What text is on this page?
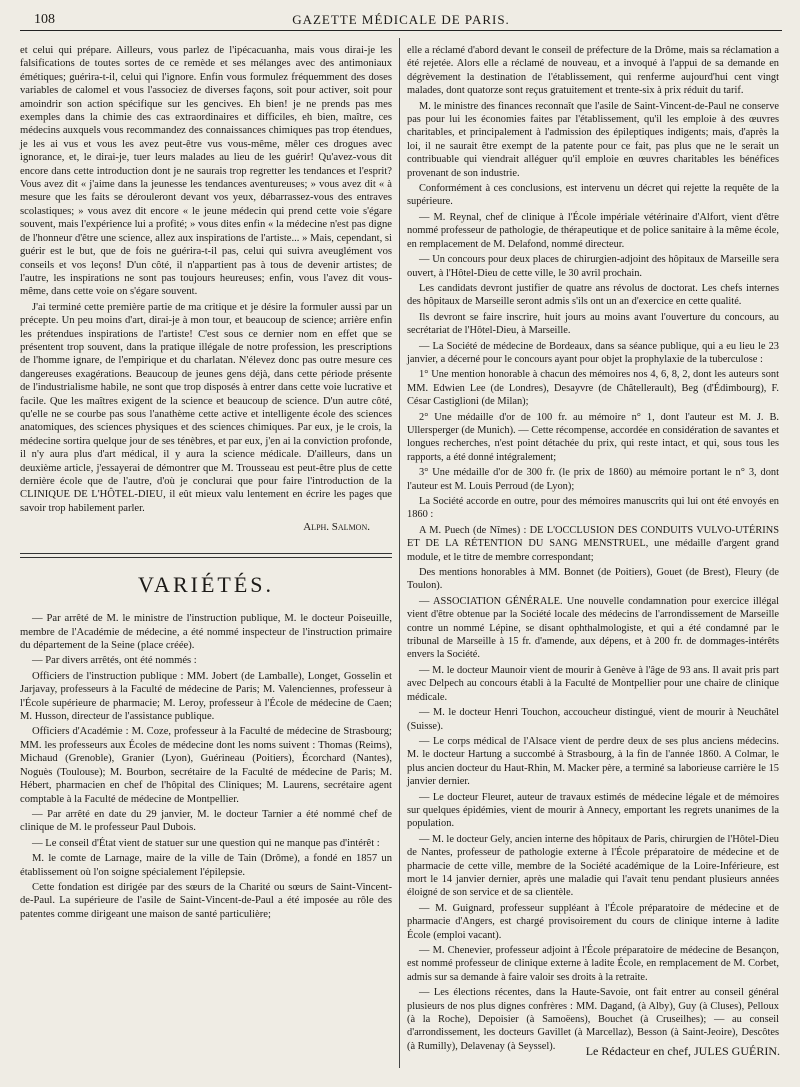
108	GAZETTE MÉDICALE DE PARIS.

et celui qui prépare. Ailleurs, vous parlez de l'ipécacuanha, mais vous dirai-je les falsifications de toutes sortes de ce remède et ses mélanges avec des antimoniaux émétiques; guérira-t-il, celui qui l'ignore. Enfin vous formulez fréquemment des doses variables de calomel et vous l'associez de diverses façons, soit pour activer, soit pour amoindrir son action spécifique sur les gencives. Eh bien! je ne prends pas mes exemples dans la chimie des cas extraordinaires et difficiles, eh bien, maître, ces médecins auxquels vous recommandez des connaissances chimiques pas trop étendues, je les ai vus et vous les avez peut-être vus vous-même, mêler ces drogues avec ignorance, et, le dirai-je, tuer leurs malades au lieu de les guérir! Qu'avez-vous dit encore dans cette introduction dont je ne saurais trop regretter les tendances et l'esprit? Vous avez dit « j'aime dans la jeunesse les tendances aventureuses; » vous avez dit « à mesure que les faits se dérouleront devant vos yeux, débarrassez-vous des entraves scolastiques; » vous avez dit encore « le jeune médecin qui prend cette voie s'égare souvent, mais l'expérience lui a profité; » vous dites enfin « la médecine n'est pas digne de l'honneur d'être une science, allez aux inspirations de l'artiste... » Mais, cependant, si guérir est le but, que de fois ne guérira-t-il pas, celui qui suivra aveuglément vos conseils et vos leçons! D'un côté, il n'appartient pas à tous de devenir artistes; de l'autre, les inspirations ne sont pas toujours heureuses; enfin, vous l'avez dit vous-même, dans cette voie on s'égare souvent.

J'ai terminé cette première partie de ma critique et je désire la formuler aussi par un précepte. Un peu moins d'art, dirai-je à mon tour, et beaucoup de science; arrière enfin les prétendues inspirations de l'artiste! C'est sous ce dernier nom en effet que se présentent trop souvent, dans la pratique illégale de notre profession, les prescriptions de l'homme ignare, de l'empirique et du charlatan. N'élevez donc pas outre mesure ces dangereuses exagérations. Beaucoup de jeunes gens déjà, dans cette période présente de l'industrialisme habile, ne sont que trop disposés à entrer dans cette voie lucrative et facile. Que les maîtres exigent de la science et beaucoup de science. D'un autre côté, qu'elle ne se courbe pas sous l'anathème cette active et intelligente école des sciences anatomiques, des sciences physiques et des sciences chimiques. Par eux, je le crois, la médecine sortira quelque jour de ses ténèbres, et par eux, j'en ai la conviction profonde, il n'y aura plus d'art médical, il y aura la science médicale. D'ailleurs, dans un deuxième article, j'essayerai de démontrer que M. Trousseau est peut-être plus de cette dernière école que de l'autre, d'où je conclurai que pour faire l'introduction de la CLINIQUE DE L'HÔTEL-DIEU, il eût mieux valu lentement en écrire les pages que savoir trop habilement parler.

Alph. Salmon.
VARIÉTÉS.

— Par arrêté de M. le ministre de l'instruction publique, M. le docteur Poiseuille, membre de l'Académie de médecine, a été nommé inspecteur de l'instruction primaire du département de la Seine (place créée).

— Par divers arrêtés, ont été nommés :

Officiers de l'instruction publique : MM. Jobert (de Lamballe), Longet, Gosselin et Jarjavay, professeurs à la Faculté de médecine de Paris; M. Valenciennes, professeur à l'École supérieure de pharmacie; M. Leroy, professeur à l'École de médecine de Caen; M. Husson, directeur de l'assistance publique.

Officiers d'Académie : M. Coze, professeur à la Faculté de médecine de Strasbourg; MM. les professeurs aux Écoles de médecine dont les noms suivent : Thomas (Reims), Michaud (Grenoble), Granier (Lyon), Guérineau (Poitiers), Écorchard (Nantes), Noguès (Toulouse); M. Bourbon, secrétaire de la Faculté de médecine de Paris; M. Hébert, pharmacien en chef de l'hôpital des Cliniques; M. Laurens, secrétaire agent comptable à la Faculté de médecine de Montpellier.

— Par arrêté en date du 29 janvier, M. le docteur Tarnier a été nommé chef de clinique de M. le professeur Paul Dubois.

— Le conseil d'État vient de statuer sur une question qui ne manque pas d'intérêt :

M. le comte de Larnage, maire de la ville de Tain (Drôme), a fondé en 1857 un établissement où l'on soigne spécialement l'épilepsie.

Cette fondation est dirigée par des sœurs de la Charité ou sœurs de Saint-Vincent-de-Paul. La supérieure de l'asile de Saint-Vincent-de-Paul a été imposée au rôle des patentes comme dirigeant une maison de santé particulière;

elle a réclamé d'abord devant le conseil de préfecture de la Drôme, mais sa réclamation a été rejetée. Alors elle a réclamé de nouveau, et a invoqué à l'appui de sa demande en dégrèvement la destination de l'établissement, qui renferme aujourd'hui cent vingt malades, dont quatorze sont reçus gratuitement et trente-six à prix réduit du tarif.

M. le ministre des finances reconnaît que l'asile de Saint-Vincent-de-Paul ne conserve pas pour lui les économies faites par l'établissement, qu'il les emploie à des œuvres charitables, et principalement à l'admission des épileptiques indigents; mais, d'après la loi, il ne saurait être exempt de la patente pour ce fait, pas plus que ne le serait un contribuable qui viendrait alléguer qu'il emploie en œuvres charitables les bénéfices provenant de son industrie.

Conformément à ces conclusions, est intervenu un décret qui rejette la requête de la supérieure.

— M. Reynal, chef de clinique à l'École impériale vétérinaire d'Alfort, vient d'être nommé professeur de pathologie, de thérapeutique et de police sanitaire à la même école, en remplacement de M. Delafond, nommé directeur.

— Un concours pour deux places de chirurgien-adjoint des hôpitaux de Marseille sera ouvert, à l'Hôtel-Dieu de cette ville, le 30 avril prochain.

Les candidats devront justifier de quatre ans révolus de doctorat. Les chefs internes des hôpitaux de Marseille seront admis s'ils ont un an d'exercice en cette qualité.

Ils devront se faire inscrire, huit jours au moins avant l'ouverture du concours, au secrétariat de l'Hôtel-Dieu, à Marseille.

— La Société de médecine de Bordeaux, dans sa séance publique, qui a eu lieu le 23 janvier, a décerné pour le concours ayant pour objet la prophylaxie de la tuberculose :

1° Une mention honorable à chacun des mémoires nos 4, 6, 8, 2, dont les auteurs sont MM. Edwien Lee (de Londres), Desayvre (de Châtellerault), Beg (d'Édimbourg), F. César Castiglioni (de Milan);

2° Une médaille d'or de 100 fr. au mémoire n° 1, dont l'auteur est M. J. B. Ullersperger (de Munich). — Cette récompense, accordée en considération de savantes et longues recherches, n'est point détachée du prix, qui reste intact, et qui, sous tous les rapports, a été donné intégralement;

3° Une médaille d'or de 300 fr. (le prix de 1860) au mémoire portant le n° 3, dont l'auteur est M. Louis Perroud (de Lyon);

La Société accorde en outre, pour des mémoires manuscrits qui lui ont été envoyés en 1860 :

A M. Puech (de Nîmes) : DE L'OCCLUSION DES CONDUITS VULVO-UTÉRINS ET DE LA RÉTENTION DU SANG MENSTRUEL, une médaille d'argent grand module, et le titre de membre correspondant;

Des mentions honorables à MM. Bonnet (de Poitiers), Gouet (de Brest), Fleury (de Toulon).

— ASSOCIATION GÉNÉRALE. Une nouvelle condamnation pour exercice illégal vient d'être obtenue par la Société locale des médecins de l'arrondissement de Marseille contre un nommé Lépine, se disant ophthalmologiste, et qui a été condamné par le tribunal de Marseille à 15 fr. d'amende, aux dépens, et à 200 fr. de dommages-intérêts envers la Société.

— M. le docteur Maunoir vient de mourir à Genève à l'âge de 93 ans. Il avait pris part avec Delpech au concours établi à la Faculté de Montpellier pour une chaire de clinique médicale.

— M. le docteur Henri Touchon, accoucheur distingué, vient de mourir à Neuchâtel (Suisse).

— Le corps médical de l'Alsace vient de perdre deux de ses plus anciens médecins. M. le docteur Hartung a succombé à Strasbourg, à la fin de l'année 1860. A Colmar, le plus ancien docteur du Haut-Rhin, M. Macker père, a terminé sa laborieuse carrière le 15 janvier dernier.

— Le docteur Fleuret, auteur de travaux estimés de médecine légale et de mémoires sur quelques épidémies, vient de mourir à Annecy, emportant les regrets unanimes de la population.

— M. le docteur Gely, ancien interne des hôpitaux de Paris, chirurgien de l'Hôtel-Dieu de Nantes, professeur de pathologie externe à l'École préparatoire de médecine et de pharmacie de cette ville, membre de la Société académique de la Loire-Inférieure, est mort le 14 janvier dernier, après une maladie qui l'avait tenu pendant plusieurs années éloigné de son service et de sa clientèle.

— M. Guignard, professeur suppléant à l'École préparatoire de médecine et de pharmacie d'Angers, est chargé provisoirement du cours de clinique interne à ladite École (emploi vacant).

— M. Chenevier, professeur adjoint à l'École préparatoire de médecine de Besançon, est nommé professeur de clinique externe à ladite École, en remplacement de M. Corbet, admis sur sa demande à faire valoir ses droits à la retraite.

— Les élections récentes, dans la Haute-Savoie, ont fait entrer au conseil général plusieurs de nos plus dignes confrères : MM. Dagand, (à Alby), Guy (à Cluses), Pelloux (à la Roche), Depoisier (à Samoëens), Bouchet (à Cruseilhes); — au conseil d'arrondissement, les docteurs Gavillet (à Marcellaz), Besson (à Saint-Jeoire), Descôtes (à Rumilly), Delavenay (à Seyssel).	Le Rédacteur en chef, JULES GUÉRIN.
